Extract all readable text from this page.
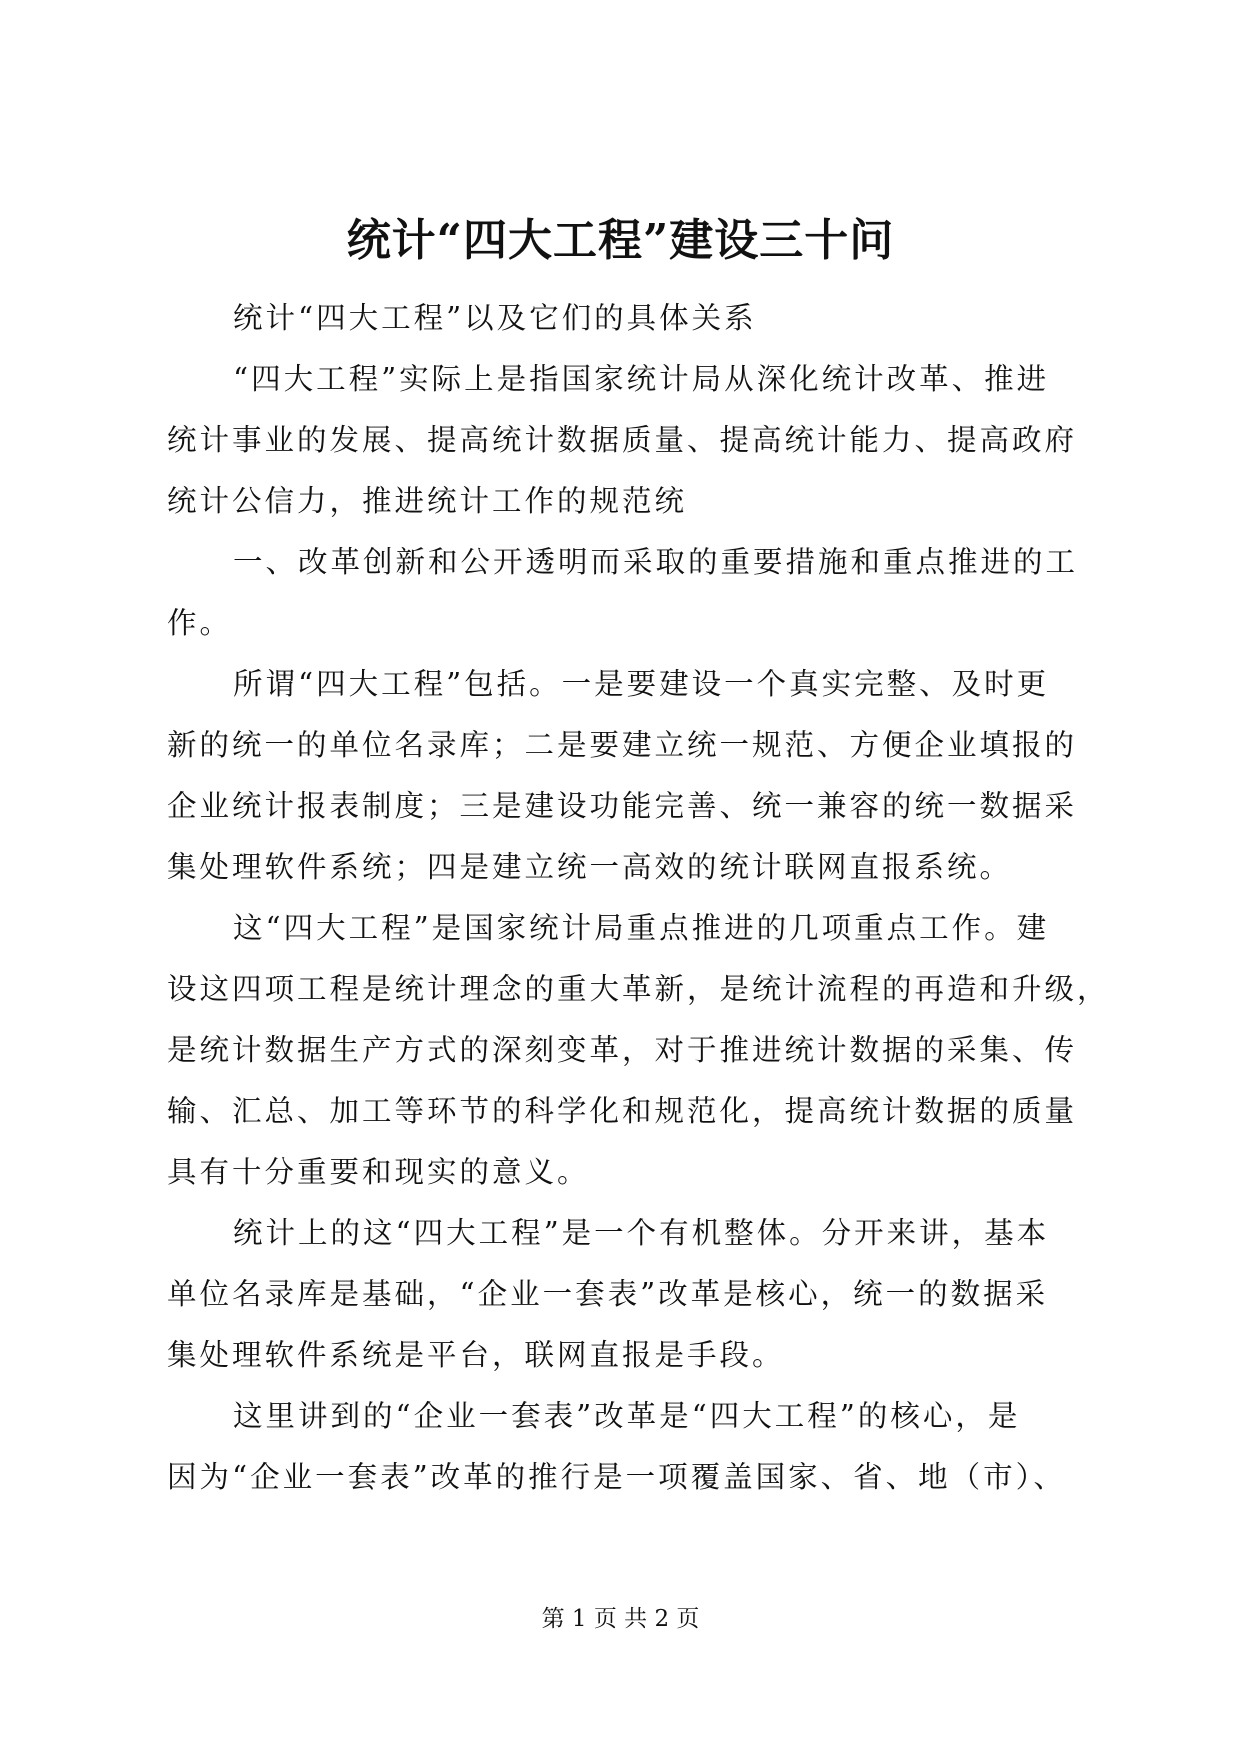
统计“四大工程”建设三十问
统计“四大工程”以及它们的具体关系
“四大工程”实际上是指国家统计局从深化统计改革、推进
统计事业的发展、提高统计数据质量、提高统计能力、提高政府
统计公信力，推进统计工作的规范统
一、改革创新和公开透明而采取的重要措施和重点推进的工
作。
所谓“四大工程”包括。一是要建设一个真实完整、及时更
新的统一的单位名录库；二是要建立统一规范、方便企业填报的
企业统计报表制度；三是建设功能完善、统一兼容的统一数据采
集处理软件系统；四是建立统一高效的统计联网直报系统。
这“四大工程”是国家统计局重点推进的几项重点工作。建
设这四项工程是统计理念的重大革新，是统计流程的再造和升级，
是统计数据生产方式的深刻变革，对于推进统计数据的采集、传
输、汇总、加工等环节的科学化和规范化，提高统计数据的质量
具有十分重要和现实的意义。
统计上的这“四大工程”是一个有机整体。分开来讲，基本
单位名录库是基础，“企业一套表”改革是核心，统一的数据采
集处理软件系统是平台，联网直报是手段。
这里讲到的“企业一套表”改革是“四大工程”的核心，是
因为“企业一套表”改革的推行是一项覆盖国家、省、地（市）、
第 1 页 共 2 页
